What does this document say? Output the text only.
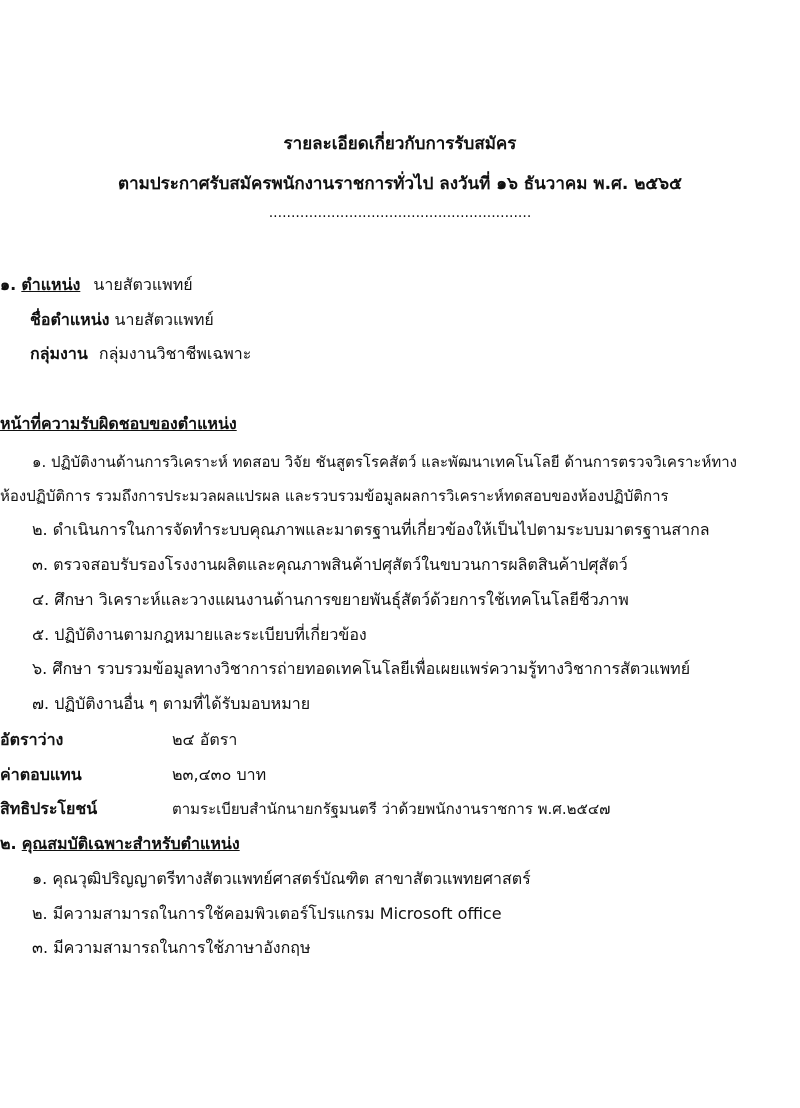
รายละเอียดเกี่ยวกับการรับสมัคร
ตามประกาศรับสมัครพนักงานราชการทั่วไป ลงวันที่ ๑๖ ธันวาคม พ.ศ. ๒๕๖๕
...........................................................
๑. ตำแหน่ง นายสัตวแพทย์
ชื่อตำแหน่ง นายสัตวแพทย์
กลุ่มงาน กลุ่มงานวิชาชีพเฉพาะ
หน้าที่ความรับผิดชอบของตำแหน่ง
๑. ปฏิบัติงานด้านการวิเคราะห์ ทดสอบ วิจัย ชันสูตรโรคสัตว์ และพัฒนาเทคโนโลยี ด้านการตรวจวิเคราะห์ทาง
ห้องปฏิบัติการ รวมถึงการประมวลผลแปรผล และรวบรวมข้อมูลผลการวิเคราะห์ทดสอบของห้องปฏิบัติการ
๒. ดำเนินการในการจัดทำระบบคุณภาพและมาตรฐานที่เกี่ยวข้องให้เป็นไปตามระบบมาตรฐานสากล
๓. ตรวจสอบรับรองโรงงานผลิตและคุณภาพสินค้าปศุสัตว์ในขบวนการผลิตสินค้าปศุสัตว์
๔. ศึกษา วิเคราะห์และวางแผนงานด้านการขยายพันธุ์สัตว์ด้วยการใช้เทคโนโลยีชีวภาพ
๕. ปฏิบัติงานตามกฎหมายและระเบียบที่เกี่ยวข้อง
๖. ศึกษา รวบรวมข้อมูลทางวิชาการถ่ายทอดเทคโนโลยีเพื่อเผยแพร่ความรู้ทางวิชาการสัตวแพทย์
๗. ปฏิบัติงานอื่น ๆ ตามที่ได้รับมอบหมาย
อัตราว่าง	๒๔ อัตรา
ค่าตอบแทน	๒๓,๔๓๐ บาท
สิทธิประโยชน์	ตามระเบียบสำนักนายกรัฐมนตรี ว่าด้วยพนักงานราชการ พ.ศ.๒๕๔๗
๒. คุณสมบัติเฉพาะสำหรับตำแหน่ง
๑. คุณวุฒิปริญญาตรีทางสัตวแพทย์ศาสตร์บัณฑิต สาขาสัตวแพทยศาสตร์
๒. มีความสามารถในการใช้คอมพิวเตอร์โปรแกรม Microsoft office
๓. มีความสามารถในการใช้ภาษาอังกฤษ
